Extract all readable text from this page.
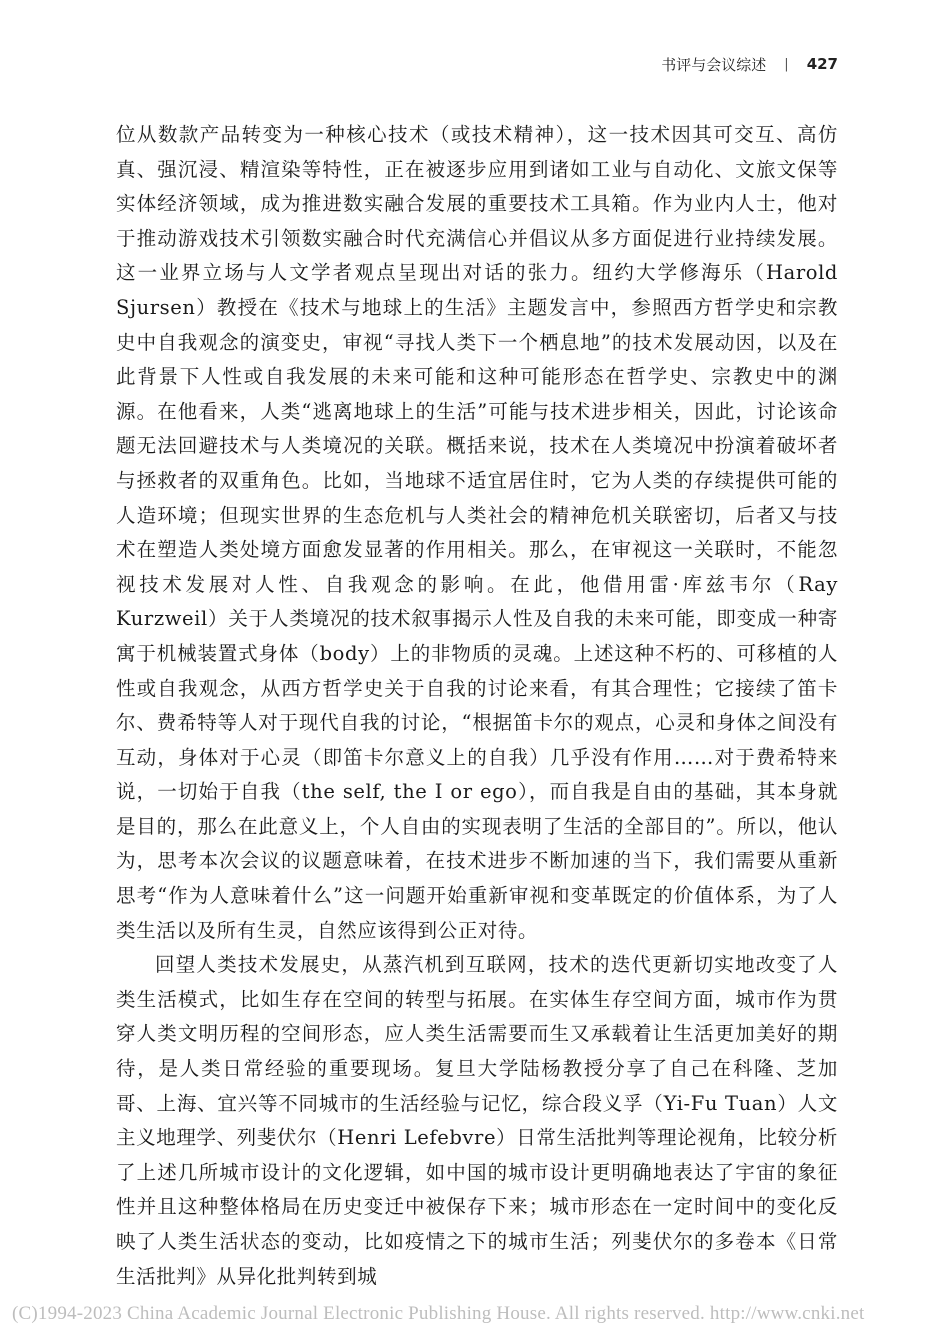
书评与会议综述 | 427

位从数款产品转变为一种核心技术（或技术精神），这一技术因其可交互、高仿真、强沉浸、精渲染等特性，正在被逐步应用到诸如工业与自动化、文旅文保等实体经济领域，成为推进数实融合发展的重要技术工具箱。作为业内人士，他对于推动游戏技术引领数实融合时代充满信心并倡议从多方面促进行业持续发展。这一业界立场与人文学者观点呈现出对话的张力。纽约大学修海乐（Harold Sjursen）教授在《技术与地球上的生活》主题发言中，参照西方哲学史和宗教史中自我观念的演变史，审视“寻找人类下一个栖息地”的技术发展动因，以及在此背景下人性或自我发展的未来可能和这种可能形态在哲学史、宗教史中的渊源。在他看来，人类“逃离地球上的生活”可能与技术进步相关，因此，讨论该命题无法回避技术与人类境况的关联。概括来说，技术在人类境况中扮演着破坏者与拯救者的双重角色。比如，当地球不适宜居住时，它为人类的存续提供可能的人造环境；但现实世界的生态危机与人类社会的精神危机关联密切，后者又与技术在塑造人类处境方面愈发显著的作用相关。那么，在审视这一关联时，不能忽视技术发展对人性、自我观念的影响。在此，他借用雷·库兹韦尔（Ray Kurzweil）关于人类境况的技术叙事揭示人性及自我的未来可能，即变成一种寄寓于机械装置式身体（body）上的非物质的灵魂。上述这种不朽的、可移植的人性或自我观念，从西方哲学史关于自我的讨论来看，有其合理性；它接续了笛卡尔、费希特等人对于现代自我的讨论，“根据笛卡尔的观点，心灵和身体之间没有互动，身体对于心灵（即笛卡尔意义上的自我）几乎没有作用……对于费希特来说，一切始于自我（the self, the I or ego），而自我是自由的基础，其本身就是目的，那么在此意义上，个人自由的实现表明了生活的全部目的”。所以，他认为，思考本次会议的议题意味着，在技术进步不断加速的当下，我们需要从重新思考“作为人意味着什么”这一问题开始重新审视和变革既定的价值体系，为了人类生活以及所有生灵，自然应该得到公正对待。

回望人类技术发展史，从蒸汽机到互联网，技术的迭代更新切实地改变了人类生活模式，比如生存在空间的转型与拓展。在实体生存空间方面，城市作为贯穿人类文明历程的空间形态，应人类生活需要而生又承载着让生活更加美好的期待，是人类日常经验的重要现场。复旦大学陆杨教授分享了自己在科隆、芝加哥、上海、宜兴等不同城市的生活经验与记忆，综合段义孚（Yi-Fu Tuan）人文主义地理学、列斐伏尔（Henri Lefebvre）日常生活批判等理论视角，比较分析了上述几所城市设计的文化逻辑，如中国的城市设计更明确地表达了宇宙的象征性并且这种整体格局在历史变迁中被保存下来；城市形态在一定时间中的变化反映了人类生活状态的变动，比如疫情之下的城市生活；列斐伏尔的多卷本《日常生活批判》从异化批判转到城

(C)1994-2023 China Academic Journal Electronic Publishing House. All rights reserved. http://www.cnki.net
